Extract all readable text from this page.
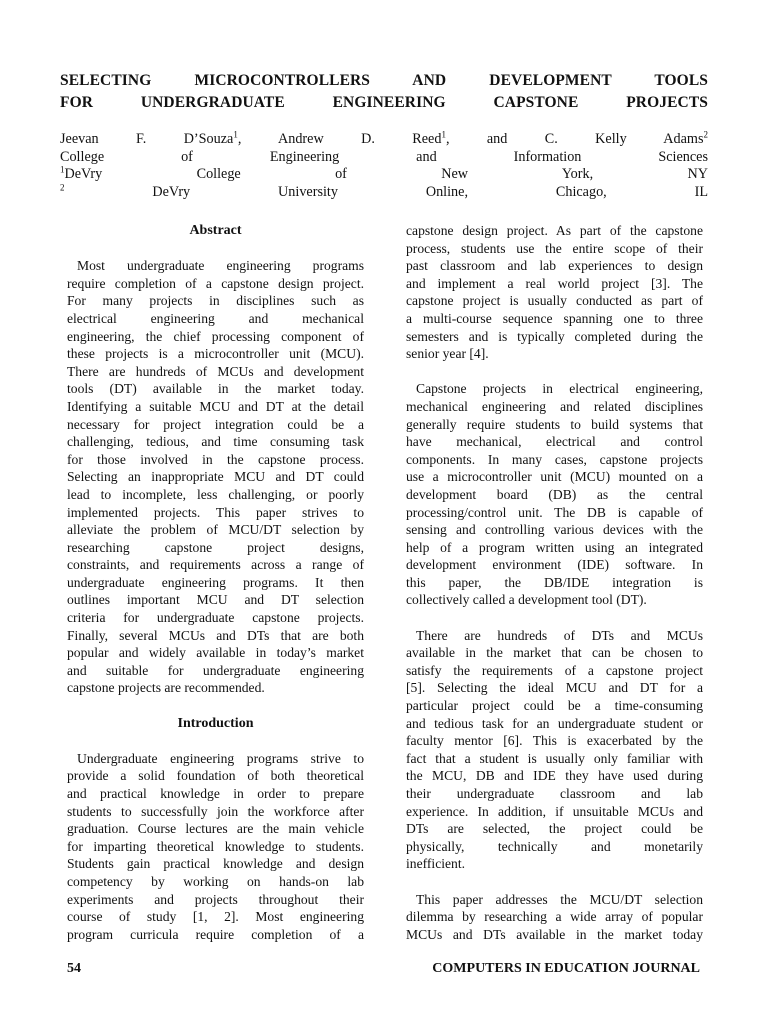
SELECTING MICROCONTROLLERS AND DEVELOPMENT TOOLS
FOR UNDERGRADUATE ENGINEERING CAPSTONE PROJECTS
Jeevan F. D’Souza$^1$, Andrew D. Reed$^1$, and C. Kelly Adams$^2$
College of Engineering and Information Sciences
$^1$DeVry College of New York, NY
$^2$ DeVry University Online, Chicago, IL

Abstract

Most undergraduate engineering programs
require completion of a capstone design project.
For many projects in disciplines such as
electrical engineering and mechanical
engineering, the chief processing component of
these projects is a microcontroller unit (MCU).
There are hundreds of MCUs and development
tools (DT) available in the market today.
Identifying a suitable MCU and DT at the detail
necessary for project integration could be a
challenging, tedious, and time consuming task
for those involved in the capstone process.
Selecting an inappropriate MCU and DT could
lead to incomplete, less challenging, or poorly
implemented projects. This paper strives to
alleviate the problem of MCU/DT selection by
researching capstone project designs,
constraints, and requirements across a range of
undergraduate engineering programs. It then
outlines important MCU and DT selection
criteria for undergraduate capstone projects.
Finally, several MCUs and DTs that are both
popular and widely available in today’s market
and suitable for undergraduate engineering
capstone projects are recommended.

Introduction

Undergraduate engineering programs strive to
provide a solid foundation of both theoretical
and practical knowledge in order to prepare
students to successfully join the workforce after
graduation. Course lectures are the main vehicle
for imparting theoretical knowledge to students.
Students gain practical knowledge and design
competency by working on hands-on lab
experiments and projects throughout their
course of study [1, 2]. Most engineering
program curricula require completion of a
capstone design project. As part of the capstone
process, students use the entire scope of their
past classroom and lab experiences to design
and implement a real world project [3]. The
capstone project is usually conducted as part of
a multi-course sequence spanning one to three
semesters and is typically completed during the
senior year [4].
Capstone projects in electrical engineering,
mechanical engineering and related disciplines
generally require students to build systems that
have mechanical, electrical and control
components. In many cases, capstone projects
use a microcontroller unit (MCU) mounted on a
development board (DB) as the central
processing/control unit. The DB is capable of
sensing and controlling various devices with the
help of a program written using an integrated
development environment (IDE) software. In
this paper, the DB/IDE integration is
collectively called a development tool (DT).
There are hundreds of DTs and MCUs
available in the market that can be chosen to
satisfy the requirements of a capstone project
[5]. Selecting the ideal MCU and DT for a
particular project could be a time-consuming
and tedious task for an undergraduate student or
faculty mentor [6]. This is exacerbated by the
fact that a student is usually only familiar with
the MCU, DB and IDE they have used during
their undergraduate classroom and lab
experience. In addition, if unsuitable MCUs and
DTs are selected, the project could be
physically, technically and monetarily
inefficient.
This paper addresses the MCU/DT selection
dilemma by researching a wide array of popular
MCUs and DTs available in the market today
54	COMPUTERS IN EDUCATION JOURNAL
